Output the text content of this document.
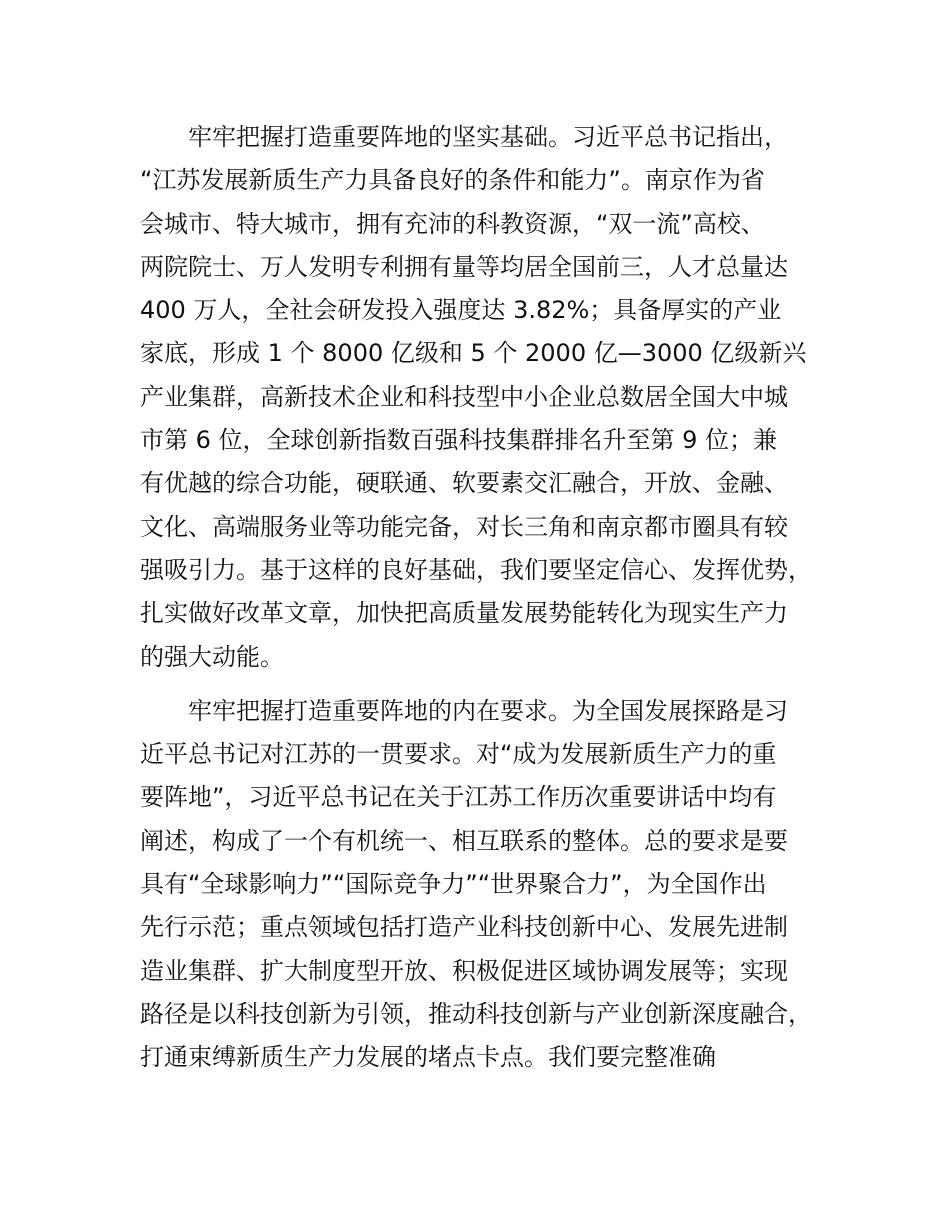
牢牢把握打造重要阵地的坚实基础。习近平总书记指出，
“江苏发展新质生产力具备良好的条件和能力”。南京作为省
会城市、特大城市，拥有充沛的科教资源，“双一流”高校、
两院院士、万人发明专利拥有量等均居全国前三，人才总量达
400 万人，全社会研发投入强度达 3.82%；具备厚实的产业
家底，形成 1 个 8000 亿级和 5 个 2000 亿—3000 亿级新兴
产业集群，高新技术企业和科技型中小企业总数居全国大中城
市第 6 位，全球创新指数百强科技集群排名升至第 9 位；兼
有优越的综合功能，硬联通、软要素交汇融合，开放、金融、
文化、高端服务业等功能完备，对长三角和南京都市圈具有较
强吸引力。基于这样的良好基础，我们要坚定信心、发挥优势，
扎实做好改革文章，加快把高质量发展势能转化为现实生产力
的强大动能。
牢牢把握打造重要阵地的内在要求。为全国发展探路是习
近平总书记对江苏的一贯要求。对“成为发展新质生产力的重
要阵地”，习近平总书记在关于江苏工作历次重要讲话中均有
阐述，构成了一个有机统一、相互联系的整体。总的要求是要
具有“全球影响力”“国际竞争力”“世界聚合力”，为全国作出
先行示范；重点领域包括打造产业科技创新中心、发展先进制
造业集群、扩大制度型开放、积极促进区域协调发展等；实现
路径是以科技创新为引领，推动科技创新与产业创新深度融合，
打通束缚新质生产力发展的堵点卡点。我们要完整准确
